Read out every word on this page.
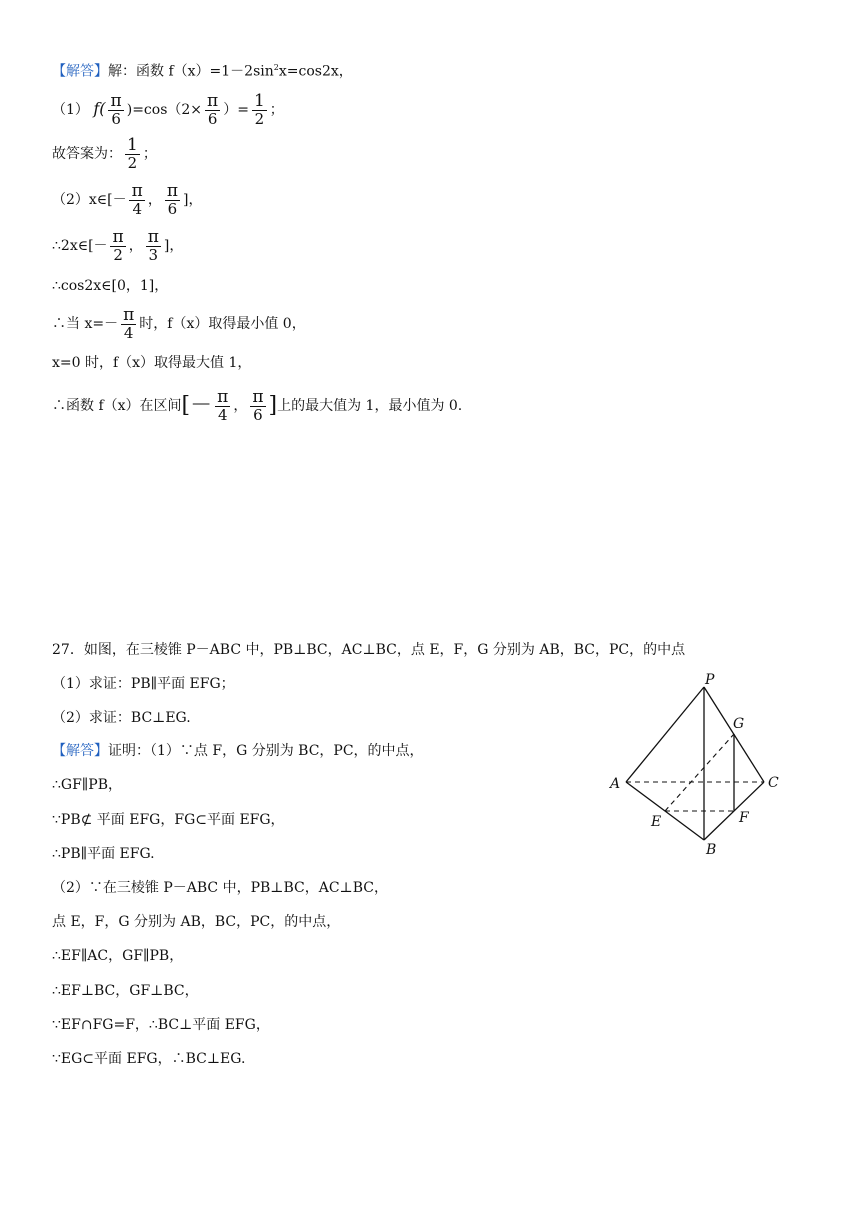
【解答】解：函数 $f(x)=1-2\sin^2x=\cos 2x$，
（1） $f( \frac{\pi}{6} )=\cos(2\times \frac{\pi}{6}$ ）= $\frac{1}{2}$ ；
故答案为： $\frac{1}{2}$ ；
（2）x∈[－ $\frac{\pi}{4}$ ， $\frac{\pi}{6}$ ]，
∴2x∈[－ $\frac{\pi}{2}$ ， $\frac{\pi}{3}$ ]，
∴cos2x∈[0，1]，
∴当 $x=- \frac{\pi}{4}$ 时，f（x）取得最小值 0，
x=0 时，f（x）取得最大值 1，
∴函数 f（x）在区间[－ $\frac{\pi}{4}$ ， $\frac{\pi}{6}$ ]上的最大值为 1，最小值为 0.
27．如图，在三棱锥 P－ABC 中，PB⊥BC，AC⊥BC，点 E，F，G 分别为 AB，BC，PC，的中点
（1）求证：PB∥平面 EFG；
（2）求证：BC⊥EG.
【解答】证明：（1）∵点 F，G 分别为 BC，PC，的中点，
∴GF∥PB，
∵PB⊄ 平面 EFG，FG⊂平面 EFG，
∴PB∥平面 EFG.
（2）∵在三棱锥 P－ABC 中，PB⊥BC，AC⊥BC，
点 E，F，G 分别为 AB，BC，PC，的中点，
∴EF∥AC，GF∥PB，
∴EF⊥BC，GF⊥BC，
∵EF∩FG=F，∴BC⊥平面 EFG，
∵EG⊂平面 EFG，∴BC⊥EG.
P
A
B
C
E	F
G
